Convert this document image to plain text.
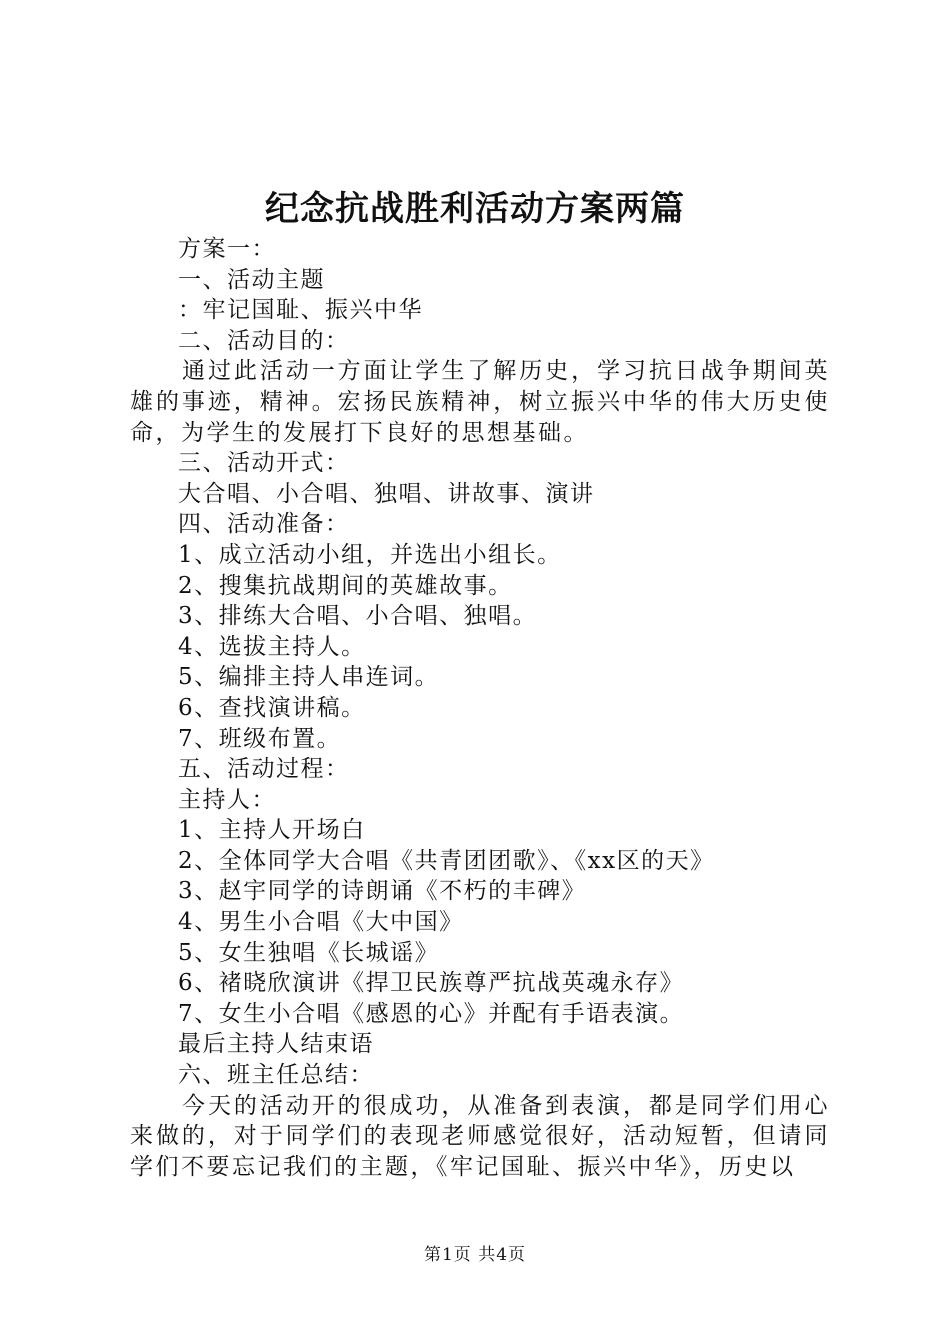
纪念抗战胜利活动方案两篇
方案一：
一、活动主题
：牢记国耻、振兴中华
二、活动目的：
通过此活动一方面让学生了解历史，学习抗日战争期间英雄的事迹，精神。宏扬民族精神，树立振兴中华的伟大历史使命，为学生的发展打下良好的思想基础。
三、活动开式：
大合唱、小合唱、独唱、讲故事、演讲
四、活动准备：
1、成立活动小组，并选出小组长。
2、搜集抗战期间的英雄故事。
3、排练大合唱、小合唱、独唱。
4、选拔主持人。
5、编排主持人串连词。
6、查找演讲稿。
7、班级布置。
五、活动过程：
主持人：
1、主持人开场白
2、全体同学大合唱《共青团团歌》、《xx区的天》
3、赵宇同学的诗朗诵《不朽的丰碑》
4、男生小合唱《大中国》
5、女生独唱《长城谣》
6、褚晓欣演讲《捍卫民族尊严抗战英魂永存》
7、女生小合唱《感恩的心》并配有手语表演。
最后主持人结束语
六、班主任总结：
今天的活动开的很成功，从准备到表演，都是同学们用心来做的，对于同学们的表现老师感觉很好，活动短暂，但请同学们不要忘记我们的主题，《牢记国耻、振兴中华》，历史以
第1页 共4页
